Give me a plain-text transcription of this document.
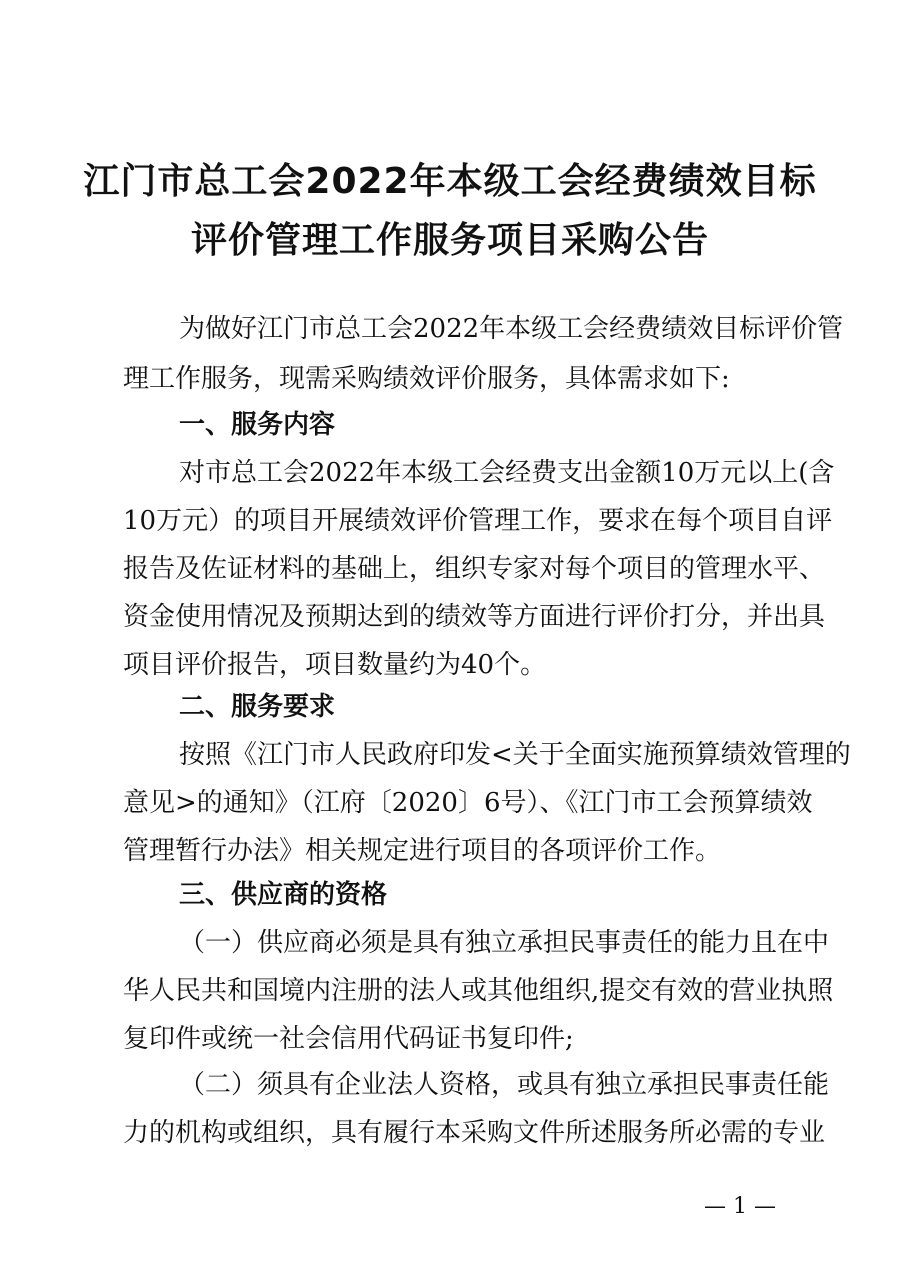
江门市总工会2022年本级工会经费绩效目标
评价管理工作服务项目采购公告
为做好江门市总工会2022年本级工会经费绩效目标评价管
理工作服务，现需采购绩效评价服务，具体需求如下:
一、服务内容
对市总工会2022年本级工会经费支出金额10万元以上(含
10万元）的项目开展绩效评价管理工作，要求在每个项目自评
报告及佐证材料的基础上，组织专家对每个项目的管理水平、
资金使用情况及预期达到的绩效等方面进行评价打分，并出具
项目评价报告，项目数量约为40个。
二、服务要求
按照《江门市人民政府印发<关于全面实施预算绩效管理的
意见>的通知》（江府〔2020〕6号）、《江门市工会预算绩效
管理暂行办法》相关规定进行项目的各项评价工作。
三、供应商的资格
（一）供应商必须是具有独立承担民事责任的能力且在中
华人民共和国境内注册的法人或其他组织,提交有效的营业执照
复印件或统一社会信用代码证书复印件;
（二）须具有企业法人资格，或具有独立承担民事责任能
力的机构或组织，具有履行本采购文件所述服务所必需的专业
— 1 —
